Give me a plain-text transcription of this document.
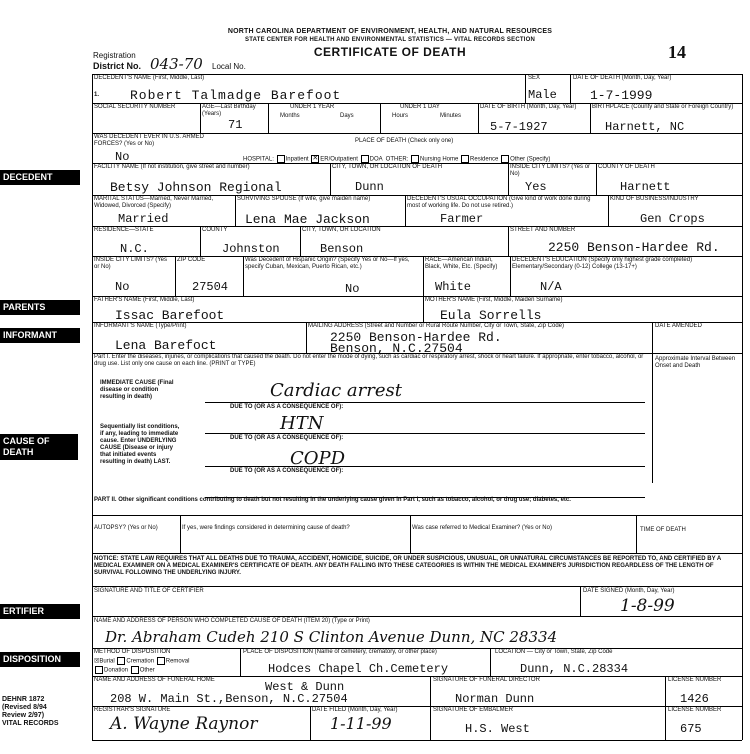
NORTH CAROLINA DEPARTMENT OF ENVIRONMENT, HEALTH, AND NATURAL RESOURCES
STATE CENTER FOR HEALTH AND ENVIRONMENTAL STATISTICS — VITAL RECORDS SECTION
CERTIFICATE OF DEATH	14
Registration
District No. 043-70 Local No.
DECEDENT
PARENTS
INFORMANT
CAUSE OF DEATH
ERTIFIER
DISPOSITION
DEHNR 1872
(Revised 8/94
Review 2/97)
VITAL RECORDS
DECEDENT'S NAME (First, Middle, Last)
1. Robert Talmadge Barefoot
SEX
Male
DATE OF DEATH (Month, Day, Year)
1-7-1999
SOCIAL SECURITY NUMBER	AGE—Last Birthday (Years)
71
UNDER 1 YEAR
Months	Days
UNDER 1 DAY
Hours	Minutes
DATE OF BIRTH (Month, Day, Year)
5-7-1927
BIRTHPLACE (County and State or Foreign Country)
Harnett, NC
WAS DECEDENT EVER IN U.S. ARMED FORCES? (Yes or No)
No
PLACE OF DEATH (Check only one)
HOSPITAL: Inpatient ✕ ER/Outpatient DOA OTHER: Nursing Home Residence Other (Specify)
FACILITY NAME (If not institution, give street and number)
Betsy Johnson Regional
CITY, TOWN, OR LOCATION OF DEATH
Dunn
INSIDE CITY LIMITS? (Yes or No)
Yes
COUNTY OF DEATH
Harnett
MARITAL STATUS—Married, Never Married, Widowed, Divorced (Specify)
Married
SURVIVING SPOUSE (If wife, give maiden name)
Lena Mae Jackson
DECEDENT'S USUAL OCCUPATION (Give kind of work done during most of working life. Do not use retired.)
Farmer
KIND OF BUSINESS/INDUSTRY
Gen Crops
RESIDENCE—STATE
N.C.
COUNTY
Johnston
CITY, TOWN, OR LOCATION
Benson
STREET AND NUMBER
2250 Benson-Hardee Rd.
INSIDE CITY LIMITS? (Yes or No)
No
ZIP CODE
27504
Was Decedent of Hispanic Origin? (Specify Yes or No—If yes, specify Cuban, Mexican, Puerto Rican, etc.)
No
RACE—American Indian, Black, White, Etc. (Specify)
White
DECEDENT'S EDUCATION (Specify only highest grade completed) Elementary/Secondary (0-12) College (13-17+)
N/A
FATHER'S NAME (First, Middle, Last)
Issac Barefoot
MOTHER'S NAME (First, Middle, Maiden Surname)
Eula Sorrells
INFORMANT'S NAME (Type/Print)
Lena Barefoct
MAILING ADDRESS (Street and Number or Rural Route Number, City or Town, State, Zip Code)
2250 Benson-Hardee Rd.
Benson, N.C.27504
DATE AMENDED
Part I. Enter the diseases, injuries, or complications that caused the death. Do not enter the mode of dying, such as cardiac or respiratory arrest, shock or heart failure. If appropriate, enter tobacco, alcohol, or drug use. List only one cause on each line. (PRINT or TYPE)
Approximate Interval Between Onset and Death
IMMEDIATE CAUSE (Final disease or condition resulting in death)
DUE TO (OR AS A CONSEQUENCE OF):
Cardiac arrest
Sequentially list conditions, if any, leading to immediate cause. Enter UNDERLYING CAUSE (Disease or injury that initiated events resulting in death) LAST.
DUE TO (OR AS A CONSEQUENCE OF):
HTN
DUE TO (OR AS A CONSEQUENCE OF):
COPD
PART II. Other significant conditions contributing to death but not resulting in the underlying cause given in Part I, such as tobacco, alcohol, or drug use; diabetes, etc.
AUTOPSY? (Yes or No)	If yes, were findings considered in determining cause of death?	Was case referred to Medical Examiner? (Yes or No)	TIME OF DEATH
NOTICE: STATE LAW REQUIRES THAT ALL DEATHS DUE TO TRAUMA, ACCIDENT, HOMICIDE, SUICIDE, OR UNDER SUSPICIOUS, UNUSUAL, OR UNNATURAL CIRCUMSTANCES BE REPORTED TO, AND CERTIFIED BY A MEDICAL EXAMINER ON A MEDICAL EXAMINER'S CERTIFICATE OF DEATH. ANY DEATH FALLING INTO THESE CATEGORIES IS WITHIN THE MEDICAL EXAMINER'S JURISDICTION REGARDLESS OF THE LENGTH OF SURVIVAL FOLLOWING THE UNDERLYING INJURY.
SIGNATURE AND TITLE OF CERTIFIER	DATE SIGNED (Month, Day, Year)
1-8-99
NAME AND ADDRESS OF PERSON WHO COMPLETED CAUSE OF DEATH (ITEM 20) (Type or Print)
Dr. Abraham Cudeh 210 S Clinton Avenue Dunn, NC 28334
METHOD OF DISPOSITION
☒Burial Cremation Removal
Donation Other
PLACE OF DISPOSITION (Name of cemetery, crematory, or other place)
Hodces Chapel Ch.Cemetery
LOCATION — City or Town, State, Zip Code
Dunn, N.C.28334
NAME AND ADDRESS OF FUNERAL HOME	West & Dunn
208 W. Main St.,Benson, N.C.27504
SIGNATURE OF FUNERAL DIRECTOR
Norman Dunn
LICENSE NUMBER
1426
REGISTRAR'S SIGNATURE
A. Wayne Raynor
DATE FILED (Month, Day, Year)
1-11-99
SIGNATURE OF EMBALMER
H.S. West
LICENSE NUMBER
675
